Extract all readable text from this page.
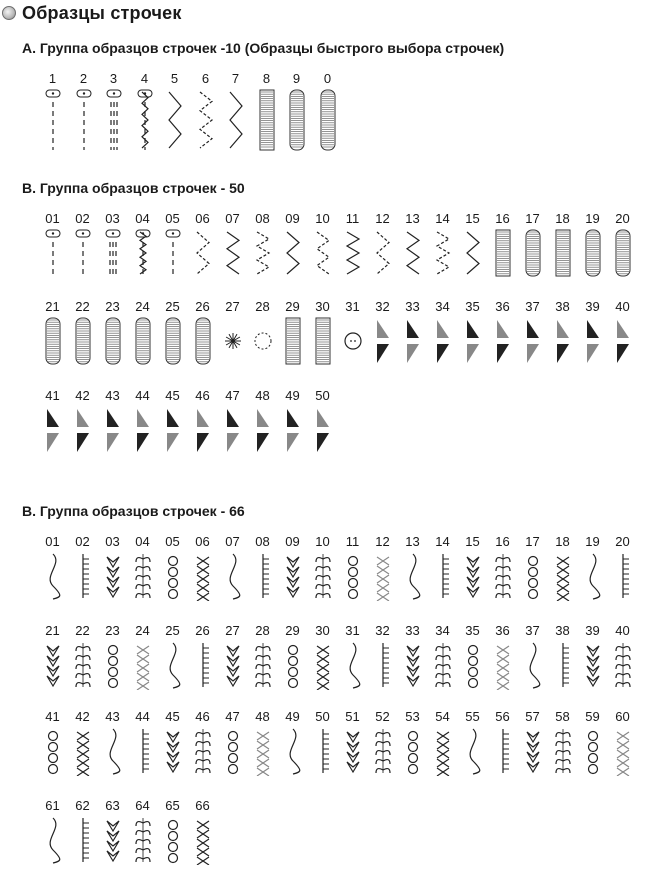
Образцы строчек
A. Группа образцов строчек -10 (Образцы быстрого выбора строчек)
1	2	3	4	5	6	7	8	9	0
B. Группа образцов строчек - 50
01	02	03	04	05	06	07	08	09	10	11	12	13	14	15	16	17	18	19	20
21	22	23	24	25	26	27	28	29	30	31	32	33	34	35	36	37	38	39	40
41	42	43	44	45	46	47	48	49	50
B. Группа образцов строчек - 66
01	02	03	04	05	06	07	08	09	10	11	12	13	14	15	16	17	18	19	20
21	22	23	24	25	26	27	28	29	30	31	32	33	34	35	36	37	38	39	40
41	42	43	44	45	46	47	48	49	50	51	52	53	54	55	56	57	58	59	60
61	62	63	64	65	66
